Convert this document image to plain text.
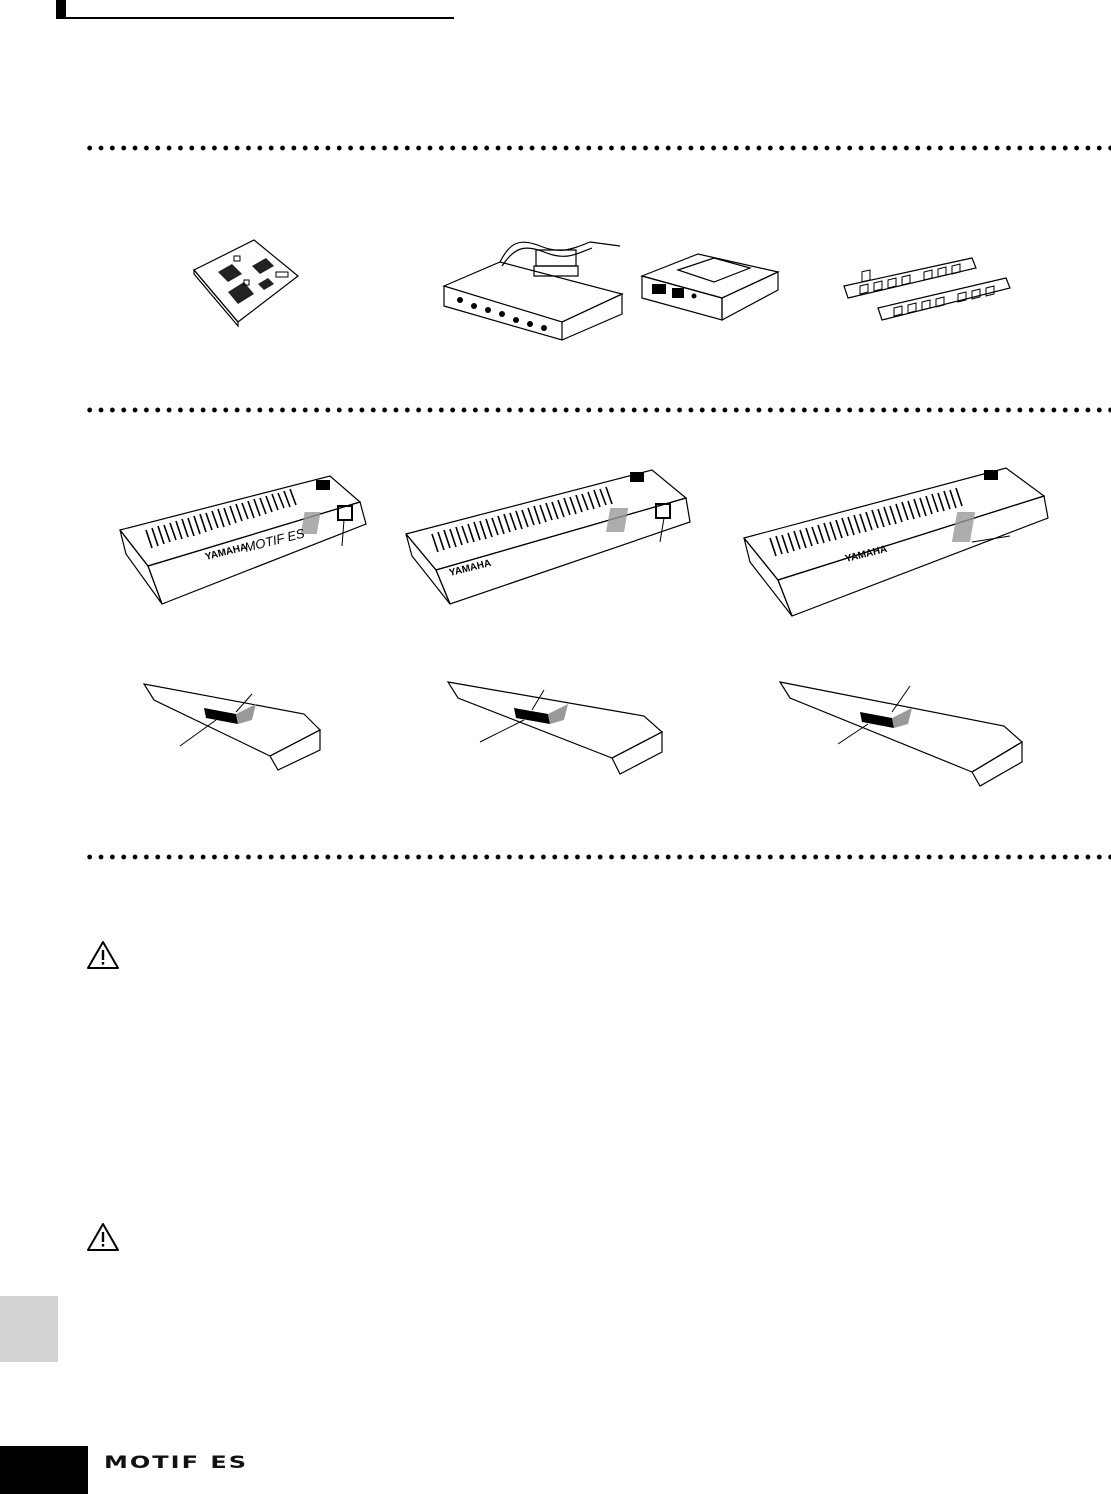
YAMAHA
MOTIF ES
YAMAHA
YAMAHA
MOTIF ES
